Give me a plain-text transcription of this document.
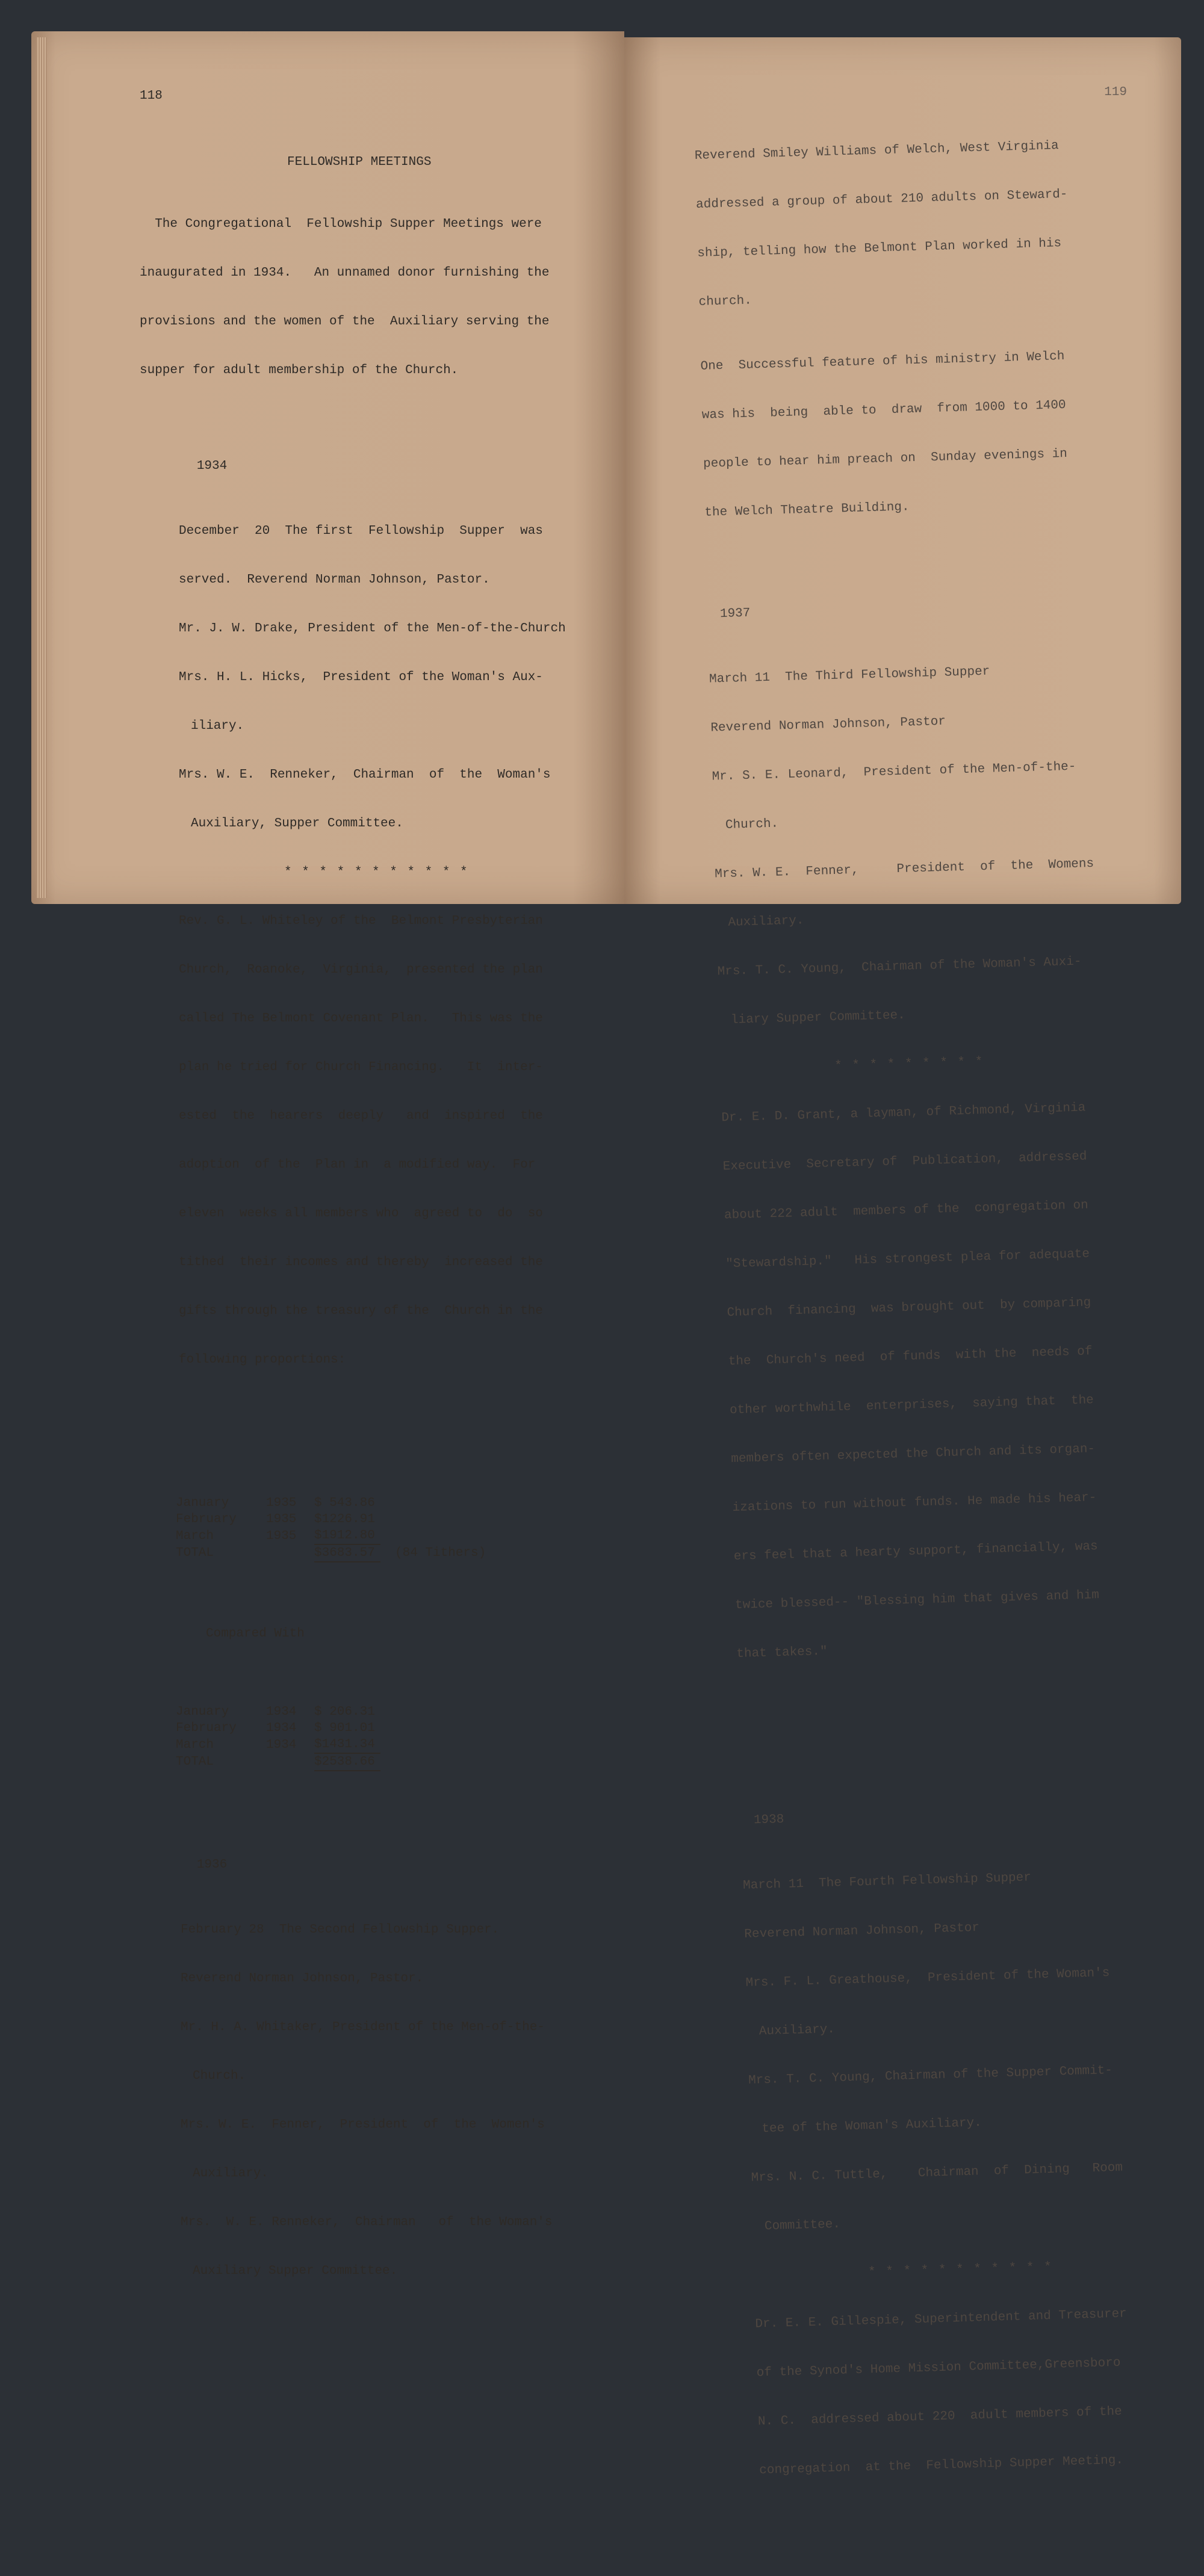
118

FELLOWSHIP MEETINGS

The Congregational  Fellowship Supper Meetings were

inaugurated in 1934.   An unnamed donor furnishing the

provisions and the women of the  Auxiliary serving the

supper for adult membership of the Church.

1934

December  20  The first  Fellowship  Supper  was

served.  Reverend Norman Johnson, Pastor.

Mr. J. W. Drake, President of the Men-of-the-Church

Mrs. H. L. Hicks,  President of the Woman's Aux-

iliary.

Mrs. W. E.  Renneker,  Chairman  of  the  Woman's

Auxiliary, Supper Committee.

* * * * * * * * * * *

Rev. G. L. Whiteley of the  Belmont Presbyterian

Church,  Roanoke,  Virginia,  presented the plan

called The Belmont Covenant Plan.   This was the

plan he tried for Church Financing.   It  inter-

ested  the  hearers  deeply   and  inspired  the

adoption  of the  Plan in  a modified way.  For

eleven  weeks all members who  agreed to  do  so

tithed  their incomes and thereby  increased the

gifts through the treasury of the  Church in the

following proportions:

January	1935	$ 543.86	
February	1935	$1226.91	
March	1935	$1912.80	
TOTAL		$3683.57	(84 Tithers)

Compared With

January	1934	$ 206.31
February	1934	$ 901.01
March	1934	$1431.34
TOTAL		$2538.66

1936

February 28  The Second Fellowship Supper.

Reverend Norman Johnson, Pastor.

Mr. H. A. Whitaker, President of the Men-of-the-

Church.

Mrs. W. E.  Fenner,  President  of  the  Women's

Auxiliary.

Mrs.  W. E. Renneker,  Chairman   of  the Woman's

Auxiliary Supper Committee.

119

Reverend Smiley Williams of Welch, West Virginia

addressed a group of about 210 adults on Steward-

ship, telling how the Belmont Plan worked in his

church.

One  Successful feature of his ministry in Welch

was his  being  able to  draw  from 1000 to 1400

people to hear him preach on  Sunday evenings in

the Welch Theatre Building.

1937

March 11  The Third Fellowship Supper

Reverend Norman Johnson, Pastor

Mr. S. E. Leonard,  President of the Men-of-the-

Church.

Mrs. W. E.  Fenner,     President  of  the  Womens

Auxiliary.

Mrs. T. C. Young,  Chairman of the Woman's Auxi-

liary Supper Committee.

* * * * * * * * *

Dr. E. D. Grant, a layman, of Richmond, Virginia

Executive  Secretary of  Publication,  addressed

about 222 adult  members of the  congregation on

"Stewardship."   His strongest plea for adequate

Church  financing  was brought out  by comparing

the  Church's need  of funds  with the  needs of

other worthwhile  enterprises,  saying that  the

members often expected the Church and its organ-

izations to run without funds. He made his hear-

ers feel that a hearty support, financially, was

twice blessed-- "Blessing him that gives and him

that takes."

1938

March 11  The Fourth Fellowship Supper

Reverend Norman Johnson, Pastor

Mrs. F. L. Greathouse,  President of the Woman's

Auxiliary.

Mrs. T. C. Young, Chairman of the Supper Commit-

tee of the Woman's Auxiliary.

Mrs. N. C. Tuttle,    Chairman  of  Dining   Room

Committee.

* * * * * * * * * * *

Dr. E. E. Gillespie, Superintendent and Treasurer

of the Synod's Home Mission Committee,Greensboro

N. C.  addressed about 220  adult members of the

congregation  at the  Fellowship Supper Meeting.
